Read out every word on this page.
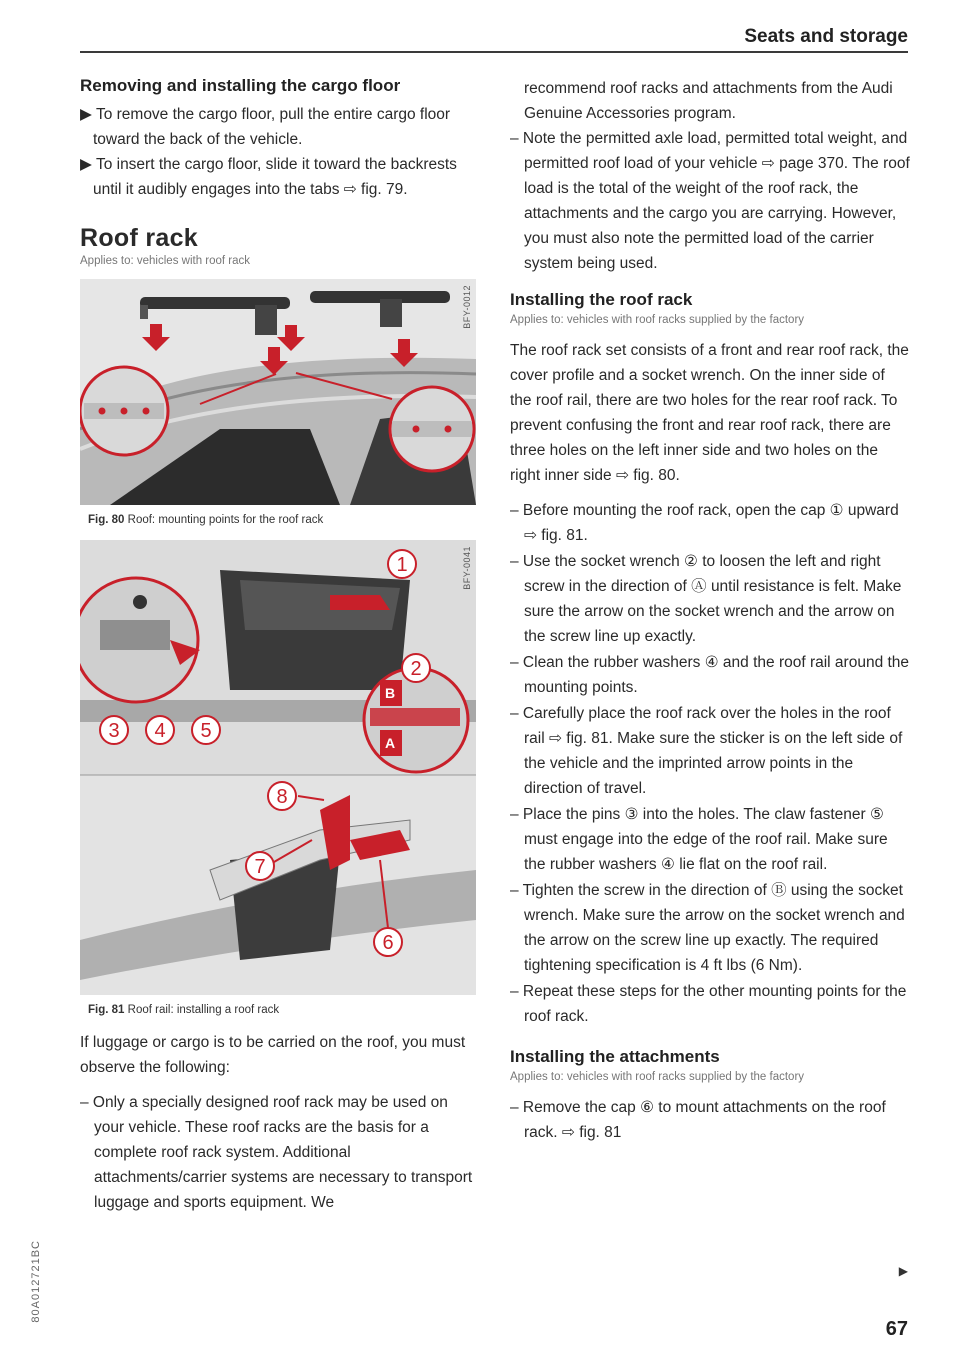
Seats and storage
Removing and installing the cargo floor

▶ To remove the cargo floor, pull the entire cargo floor toward the back of the vehicle.

▶ To insert the cargo floor, slide it toward the backrests until it audibly engages into the tabs ⇨ fig. 79.

Roof rack
Applies to: vehicles with roof rack
BFY-0012
Fig. 80 Roof: mounting points for the roof rack
B
A
1
2
3 4 5
8
7
6
BFY-0041
Fig. 81 Roof rail: installing a roof rack

If luggage or cargo is to be carried on the roof, you must observe the following:

– Only a specially designed roof rack may be used on your vehicle. These roof racks are the basis for a complete roof rack system. Additional attachments/carrier systems are necessary to transport luggage and sports equipment. We

recommend roof racks and attachments from the Audi Genuine Accessories program.

– Note the permitted axle load, permitted total weight, and permitted roof load of your vehicle ⇨ page 370. The roof load is the total of the weight of the roof rack, the attachments and the cargo you are carrying. However, you must also note the permitted load of the carrier system being used.

Installing the roof rack
Applies to: vehicles with roof racks supplied by the factory

The roof rack set consists of a front and rear roof rack, the cover profile and a socket wrench. On the inner side of the roof rail, there are two holes for the rear roof rack. To prevent confusing the front and rear roof rack, there are three holes on the left inner side and two holes on the right inner side ⇨ fig. 80.

– Before mounting the roof rack, open the cap ① upward ⇨ fig. 81.

– Use the socket wrench ② to loosen the left and right screw in the direction of Ⓐ until resistance is felt. Make sure the arrow on the socket wrench and the arrow on the screw line up exactly.

– Clean the rubber washers ④ and the roof rail around the mounting points.

– Carefully place the roof rack over the holes in the roof rail ⇨ fig. 81. Make sure the sticker is on the left side of the vehicle and the imprinted arrow points in the direction of travel.

– Place the pins ③ into the holes. The claw fastener ⑤ must engage into the edge of the roof rail. Make sure the rubber washers ④ lie flat on the roof rail.

– Tighten the screw in the direction of Ⓑ using the socket wrench. Make sure the arrow on the socket wrench and the arrow on the screw line up exactly. The required tightening specification is 4 ft lbs (6 Nm).

– Repeat these steps for the other mounting points for the roof rack.

Installing the attachments
Applies to: vehicles with roof racks supplied by the factory

– Remove the cap ⑥ to mount attachments on the roof rack. ⇨ fig. 81

▶
67
80A012721BC
